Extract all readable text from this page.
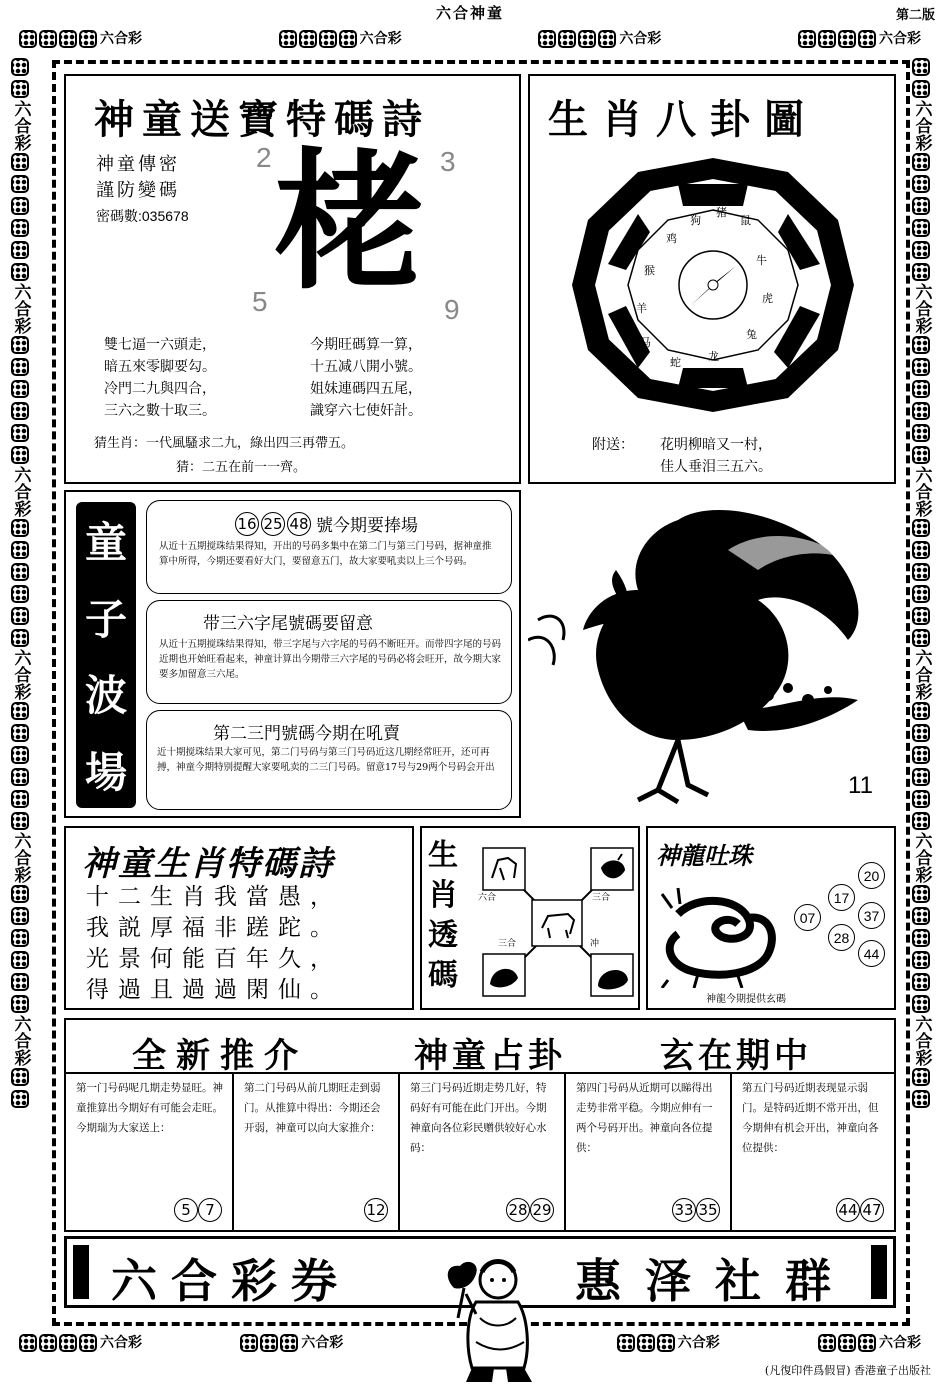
六合神童	第二版
六合彩	六合彩	六合彩	六合彩
六合彩	六合彩	六合彩	六合彩
六合彩
六合彩
六合彩
六合彩
六合彩
六合彩
六合彩
六合彩
六合彩
六合彩
六合彩
六合彩
神童送寶特碼詩
神童傳密
謹防變碼
密碼數:035678 栳
2	3
5	9
雙七逼一六頭走，
暗五來零脚要勾。
冷門二九與四合，
三六之數十取三。
今期旺碼算一算，
十五减八開小號。
姐妹連碼四五尾，
識穿六七使奸計。
猜生肖：一代風騷求二九，綠出四三再帶五。
猜：二五在前一一齊。
生肖八卦圖
鼠
牛
虎
兔
龙
蛇
马
羊
猴
鸡
狗
猪
附送： 花明柳暗又一村，
佳人垂泪三五六。
童
子
波
場
16 25 48 號今期要捧場
从近十五期搅珠结果得知，开出的号码多集中在第二门与第三门号码，据神童推算中所得，今期还要看好大门，要留意五门，故大家要吼卖以上三个号码。
带三六字尾號碼要留意
从近十五期搅珠结果得知，带三字尾与六字尾的号码不断旺开。而带四字尾的号码近期也开始旺看起来，神童计算出今期带三六字尾的号码必将会旺开，故今期大家要多加留意三六尾。
第二三門號碼今期在吼賣
近十期搅珠结果大家可见，第二门号码与第三门号码近这几期经常旺开，还可再搏，神童今期特别提醒大家要吼卖的二三门号码。留意17号与29两个号码会开出
11
神童生肖特碼詩
十二生肖我當愚，
我説厚福非蹉跎。
光景何能百年久，
得過且過過閑仙。
生
肖
透
碼
六合	三合
三合	冲
神龍吐珠
20
17
37
07
28
44
神龍今期提供玄碼
全新推介	神童占卦	玄在期中
第一门号码呢几期走势显旺。神童推算出今期好有可能会走旺。今期瑞为大家送上：
5 7
第二门号码从前几期旺走到弱门。从推算中得出：今期还会开弱，神童可以向大家推介：
12
第三门号码近期走势几好，特码好有可能在此门开出。今期神童向各位彩民赠供较好心水码：
28 29
第四门号码从近期可以睇得出走势非常平稳。今期应伸有一两个号码开出。神童向各位提供：
33 35
第五门号码近期表现显示弱门。是特码近期不常开出，但今期伸有机会开出，神童向各位提供：
44 47
六合彩券	惠泽社群
(凡復印件爲假冒) 香港童子出版社
